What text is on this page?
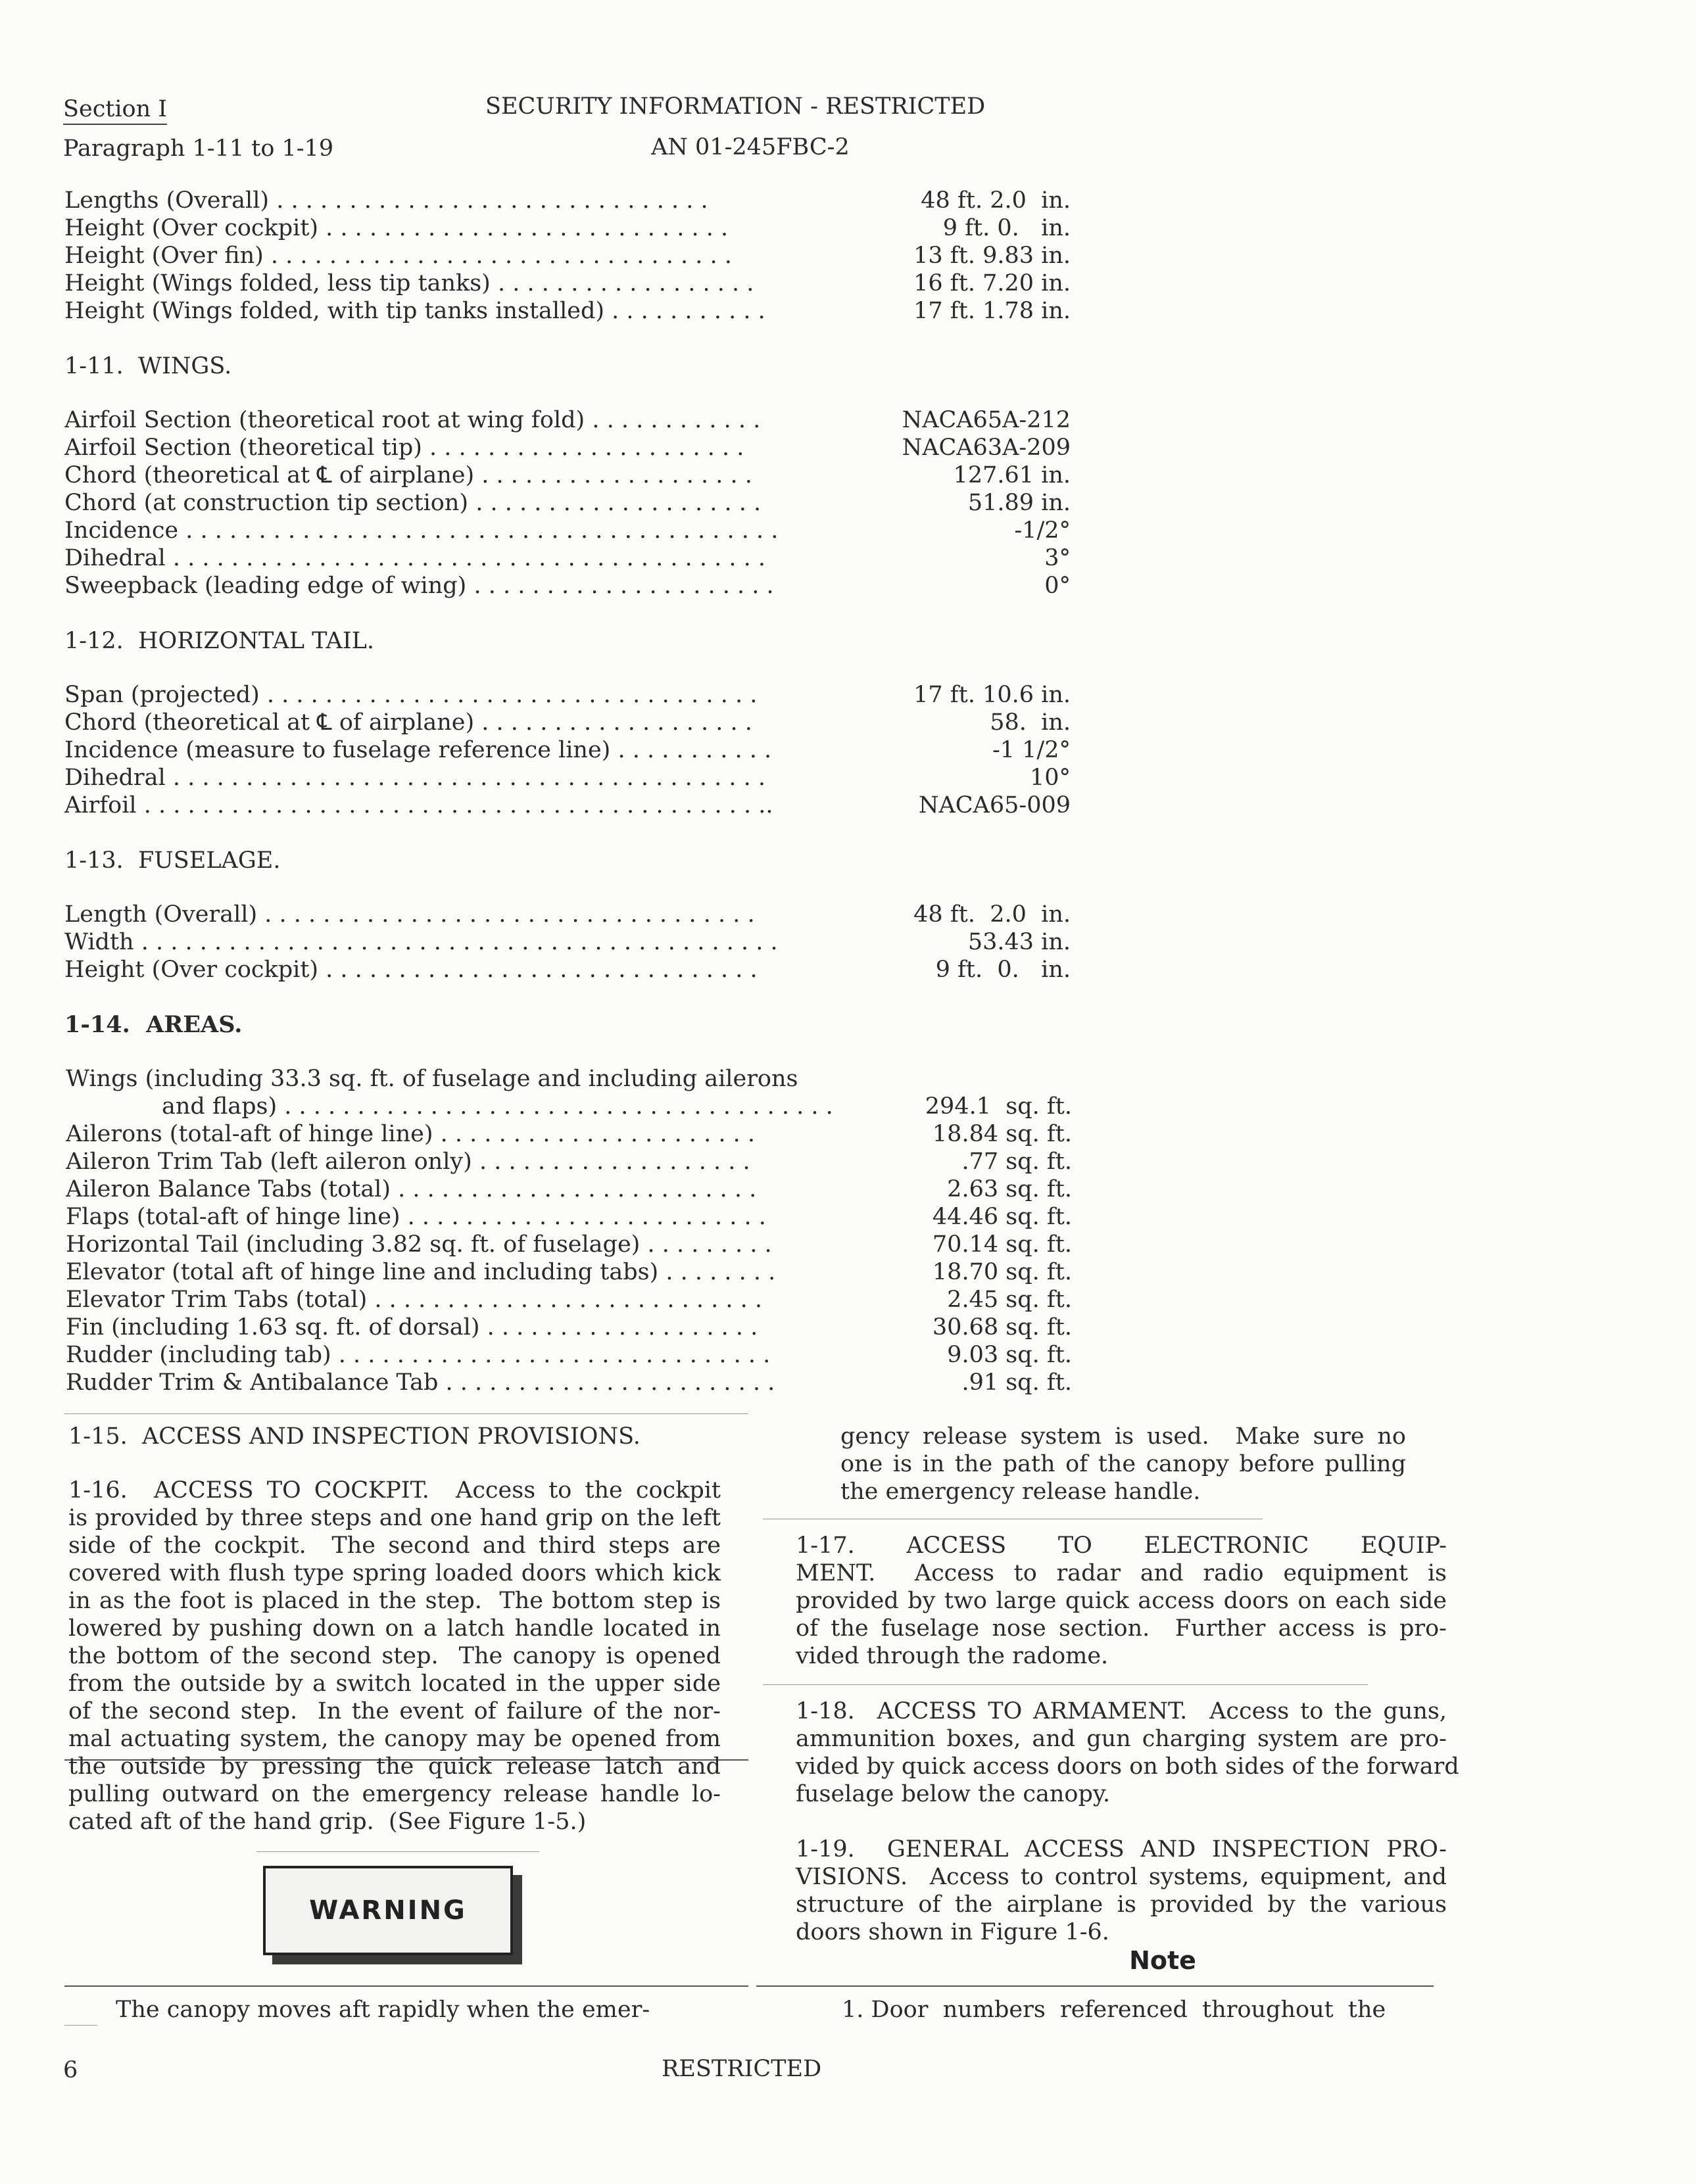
Section I
Paragraph 1-11 to 1-19
SECURITY INFORMATION - RESTRICTED
AN 01-245FBC-2
Lengths (Overall) . . . . . . . . . . . . . . . . . . . . . . . . . . . . . .	48 ft. 2.0  in.
Height (Over cockpit) . . . . . . . . . . . . . . . . . . . . . . . . . . . .	9 ft. 0.   in.
Height (Over fin) . . . . . . . . . . . . . . . . . . . . . . . . . . . . . . . .	13 ft. 9.83 in.
Height (Wings folded, less tip tanks) . . . . . . . . . . . . . . . . . .	16 ft. 7.20 in.
Height (Wings folded, with tip tanks installed) . . . . . . . . . . .	17 ft. 1.78 in.
1-11.  WINGS.
Airfoil Section (theoretical root at wing fold) . . . . . . . . . . . .	NACA65A-212
Airfoil Section (theoretical tip) . . . . . . . . . . . . . . . . . . . . . .	NACA63A-209
Chord (theoretical at ℄ of airplane) . . . . . . . . . . . . . . . . . . .	127.61 in.
Chord (at construction tip section) . . . . . . . . . . . . . . . . . . . .	51.89 in.
Incidence . . . . . . . . . . . . . . . . . . . . . . . . . . . . . . . . . . . . . . . . .	-1/2°
Dihedral . . . . . . . . . . . . . . . . . . . . . . . . . . . . . . . . . . . . . . . . .	3°
Sweepback (leading edge of wing) . . . . . . . . . . . . . . . . . . . . .	0°
1-12.  HORIZONTAL TAIL.
Span (projected) . . . . . . . . . . . . . . . . . . . . . . . . . . . . . . . . . .	17 ft. 10.6 in.
Chord (theoretical at ℄ of airplane) . . . . . . . . . . . . . . . . . . .	58.  in.
Incidence (measure to fuselage reference line) . . . . . . . . . . .	-1 1/2°
Dihedral . . . . . . . . . . . . . . . . . . . . . . . . . . . . . . . . . . . . . . . . .	10°
Airfoil . . . . . . . . . . . . . . . . . . . . . . . . . . . . . . . . . . . . . . . . . . ..	NACA65-009
1-13.  FUSELAGE.
Length (Overall) . . . . . . . . . . . . . . . . . . . . . . . . . . . . . . . . . .	48 ft.  2.0  in.
Width . . . . . . . . . . . . . . . . . . . . . . . . . . . . . . . . . . . . . . . . . . . .	53.43 in.
Height (Over cockpit) . . . . . . . . . . . . . . . . . . . . . . . . . . . . . .	9 ft.  0.   in.
1-14.  AREAS.
Wings (including 33.3 sq. ft. of fuselage and including ailerons
and flaps) . . . . . . . . . . . . . . . . . . . . . . . . . . . . . . . . . . . . . .	294.1  sq. ft.
Ailerons (total-aft of hinge line) . . . . . . . . . . . . . . . . . . . . . .	18.84 sq. ft.
Aileron Trim Tab (left aileron only) . . . . . . . . . . . . . . . . . . .	.77 sq. ft.
Aileron Balance Tabs (total) . . . . . . . . . . . . . . . . . . . . . . . . .	2.63 sq. ft.
Flaps (total-aft of hinge line) . . . . . . . . . . . . . . . . . . . . . . . . .	44.46 sq. ft.
Horizontal Tail (including 3.82 sq. ft. of fuselage) . . . . . . . . .	70.14 sq. ft.
Elevator (total aft of hinge line and including tabs) . . . . . . . .	18.70 sq. ft.
Elevator Trim Tabs (total) . . . . . . . . . . . . . . . . . . . . . . . . . . .	2.45 sq. ft.
Fin (including 1.63 sq. ft. of dorsal) . . . . . . . . . . . . . . . . . . .	30.68 sq. ft.
Rudder (including tab) . . . . . . . . . . . . . . . . . . . . . . . . . . . . . .	9.03 sq. ft.
Rudder Trim & Antibalance Tab . . . . . . . . . . . . . . . . . . . . . . .	.91 sq. ft.
1-15.  ACCESS AND INSPECTION PROVISIONS.
1-16.  ACCESS TO COCKPIT.  Access to the cockpit
is provided by three steps and one hand grip on the left
side of the cockpit.  The second and third steps are
covered with flush type spring loaded doors which kick
in as the foot is placed in the step.  The bottom step is
lowered by pushing down on a latch handle located in
the bottom of the second step.  The canopy is opened
from the outside by a switch located in the upper side
of the second step.  In the event of failure of the nor-
mal actuating system, the canopy may be opened from
the outside by pressing the quick release latch and
pulling outward on the emergency release handle lo-
cated aft of the hand grip.  (See Figure 1-5.)
WARNING
The canopy moves aft rapidly when the emer-
gency release system is used.  Make sure no
one is in the path of the canopy before pulling
the emergency release handle.
1-17.  ACCESS  TO  ELECTRONIC  EQUIP-
MENT.  Access to radar and radio equipment is
provided by two large quick access doors on each side
of the fuselage nose section.  Further access is pro-
vided through the radome.
1-18.  ACCESS TO ARMAMENT.  Access to the guns,
ammunition boxes, and gun charging system are pro-
vided by quick access doors on both sides of the forward
fuselage below the canopy.
1-19.  GENERAL ACCESS AND INSPECTION PRO-
VISIONS.  Access to control systems, equipment, and
structure of the airplane is provided by the various
doors shown in Figure 1-6.
Note
1. Door  numbers  referenced  throughout  the
6	RESTRICTED
